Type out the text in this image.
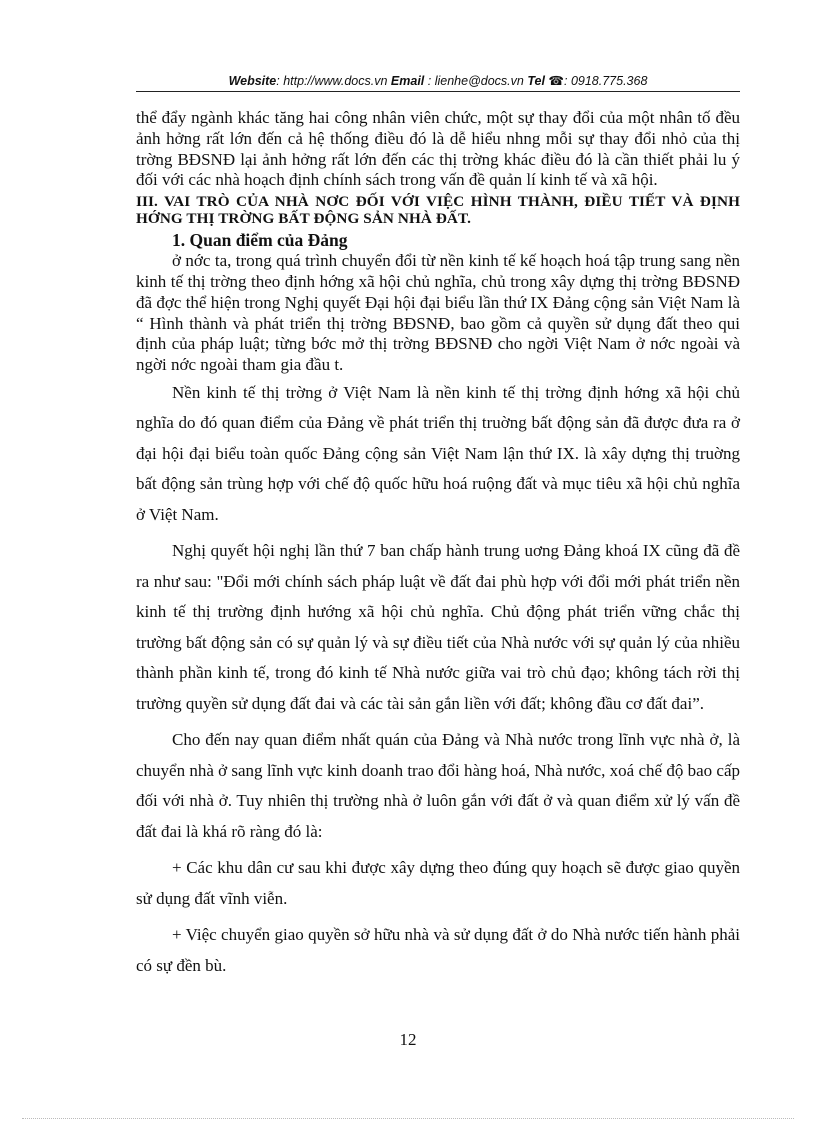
Website: http://www.docs.vn Email : lienhe@docs.vn Tel ☎: 0918.775.368

thể đẩy ngành khác tăng hai công nhân viên chức, một sự thay đổi của một nhân tố đều ảnh hởng rất lớn đến cả hệ thống điều đó là dễ hiểu nhng mỗi sự thay đổi nhỏ của thị trờng BĐSNĐ lại ảnh hởng rất lớn đến các thị trờng khác điều đó là cần thiết phải lu ý đối với các nhà hoạch định chính sách trong vấn đề quản lí kinh tế và xã hội.

III. VAI TRÒ CỦA NHÀ NƠC ĐỐI VỚI VIỆC HÌNH THÀNH, ĐIỀU TIẾT VÀ ĐỊNH HỚNG THỊ TRỜNG BẤT ĐỘNG SẢN NHÀ ĐẤT.

1. Quan điểm của Đảng

ở nớc ta, trong quá trình chuyển đổi từ nền kinh tế kế hoạch hoá tập trung sang nền kinh tế thị trờng theo định hớng xã hội chủ nghĩa, chủ trong xây dựng thị trờng BĐSNĐ đã đợc thể hiện trong Nghị quyết Đại hội đại biểu lần thứ IX Đảng cộng sản Việt Nam là “ Hình thành và phát triển thị trờng BĐSNĐ, bao gồm cả quyền sử dụng đất theo qui định của pháp luật; từng bớc mở thị trờng BĐSNĐ cho ngời Việt Nam ở nớc ngoài và ngời nớc ngoài tham gia đầu t.

Nền kinh tế thị trờng ở Việt Nam là nền kinh tế thị trờng định hớng xã hội chủ nghĩa do đó quan điểm của Đảng về phát triển thị truờng bất động sản đã được đưa ra ở đại hội đại biểu toàn quốc Đảng cộng sản Việt Nam lận thứ IX. là xây dựng thị truờng bất động sản trùng hợp với chế độ quốc hữu hoá ruộng đất và mục tiêu xã hội chủ nghĩa ở Việt Nam.

Nghị quyết hội nghị lần thứ 7 ban chấp hành trung uơng Đảng khoá IX cũng đã đề ra như sau: "Đổi mới chính sách pháp luật về đất đai phù hợp với đổi mới phát triển nền kinh tế thị trường định hướng xã hội chủ nghĩa. Chủ động phát triển vững chắc thị trường bất động sản có sự quản lý và sự điều tiết của Nhà nước với sự quản lý của nhiều thành phần kinh tế, trong đó kinh tế Nhà nước giữa vai trò chủ đạo; không tách rời thị trường quyền sử dụng đất đai và các tài sản gắn liền với đất; không đầu cơ đất đai”.

Cho đến nay quan điểm nhất quán của Đảng và Nhà nước trong lĩnh vực nhà ở, là chuyển nhà ở sang lĩnh vực kinh doanh trao đổi hàng hoá, Nhà nước, xoá chế độ bao cấp đối với nhà ở. Tuy nhiên thị trường nhà ở luôn gắn với đất ở và quan điểm xử lý vấn đề đất đai là khá rõ ràng đó là:

+ Các khu dân cư sau khi được xây dựng theo đúng quy hoạch sẽ được giao quyền sử dụng đất vĩnh viễn.

+ Việc chuyển giao quyền sở hữu nhà và sử dụng đất ở do Nhà nước tiến hành phải có sự đền bù.

12
